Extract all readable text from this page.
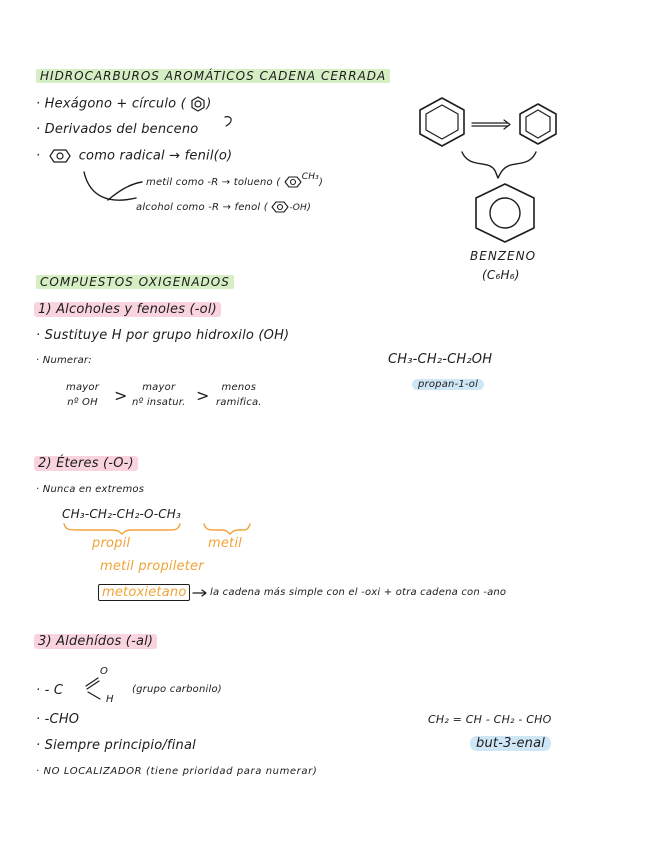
HIDROCARBUROS AROMÁTICOS CADENA CERRADA
· Hexágono + círculo ( )
· Derivados del benceno
·	como radical → fenil(o)
metil como -R → tolueno ( CH₃)
alcohol como -R → fenol ( -OH)
BENZENO
(C₆H₆)
COMPUESTOS OXIGENADOS
1) Alcoholes y fenoles (-ol)
· Sustituye H por grupo hidroxilo (OH)
· Numerar:
mayor
nº OH >	mayor
nº insatur. >	menos
ramifica.
CH₃-CH₂-CH₂OH
propan-1-ol
2) Éteres (-O-)
· Nunca en extremos
CH₃-CH₂-CH₂-O-CH₃
propil	metil
metil propileter
metoxietano	la cadena más simple con el -oxi + otra cadena con -ano
3) Aldehídos (-al)
· - C
O
H
(grupo carbonilo)
· -CHO
· Siempre principio/final
· NO LOCALIZADOR (tiene prioridad para numerar)
CH₂ = CH - CH₂ - CHO
but-3-enal
